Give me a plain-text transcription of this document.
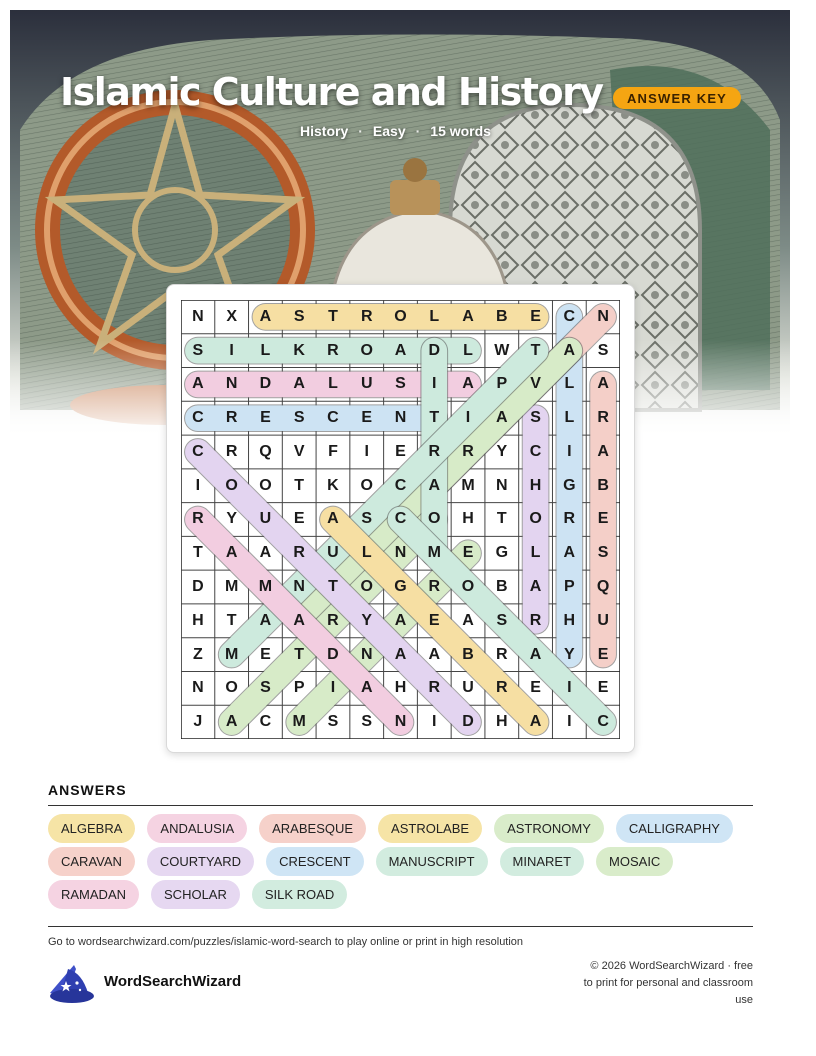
Islamic Culture and History	ANSWER KEY
History · Easy · 15 words
N	X	A	S	T	R	O	L	A	B	E	C	N
S	I	L	K	R	O	A	D	L	W	T	A	S
A	N	D	A	L	U	S	I	A	P	V	L	A
C	R	E	S	C	E	N	T	I	A	S	L	R
C	R	Q	V	F	I	E	R	R	Y	C	I	A
I	O	O	T	K	O	C	A	M	N	H	G	B
R	Y	U	E	A	S	C	O	H	T	O	R	E
T	A	A	R	U	L	N	M	E	G	L	A	S
D	M	M	N	T	O	G	R	O	B	A	P	Q
H	T	A	A	R	Y	A	E	A	S	R	H	U
Z	M	E	T	D	N	A	A	B	R	A	Y	E
N	O	S	P	I	A	H	R	U	R	E	I	E
J	A	C	M	S	S	N	I	D	H	A	I	C
ANSWERS
ALGEBRA	ANDALUSIA	ARABESQUE	ASTROLABE	ASTRONOMY	CALLIGRAPHY
CARAVAN	COURTYARD	CRESCENT	MANUSCRIPT	MINARET	MOSAIC
RAMADAN	SCHOLAR	SILK ROAD
Go to wordsearchwizard.com/puzzles/islamic-word-search to play online or print in high resolution
WordSearchWizard
© 2026 WordSearchWizard · free to print for personal and classroom use
